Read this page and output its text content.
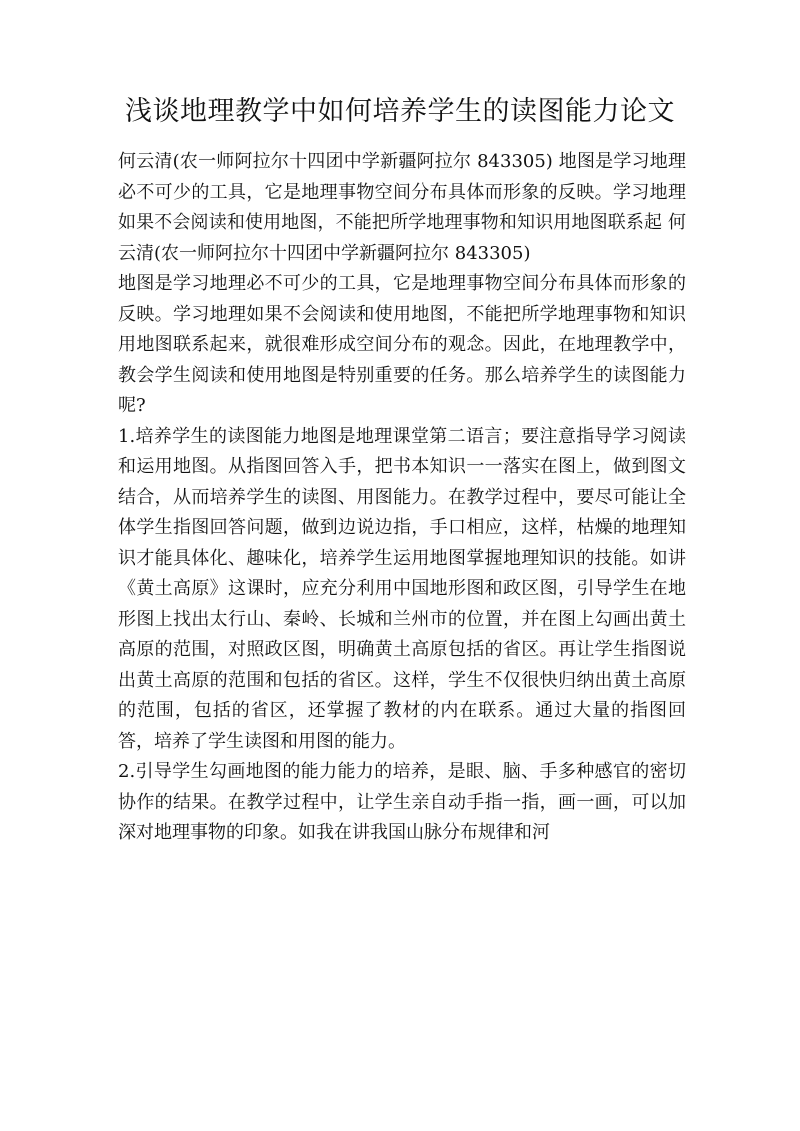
浅谈地理教学中如何培养学生的读图能力论文

何云清(农一师阿拉尔十四团中学新疆阿拉尔 843305) 地图是学习地理必不可少的工具，它是地理事物空间分布具体而形象的反映。学习地理如果不会阅读和使用地图，不能把所学地理事物和知识用地图联系起 何云清(农一师阿拉尔十四团中学新疆阿拉尔 843305)

地图是学习地理必不可少的工具，它是地理事物空间分布具体而形象的反映。学习地理如果不会阅读和使用地图，不能把所学地理事物和知识用地图联系起来，就很难形成空间分布的观念。因此，在地理教学中，教会学生阅读和使用地图是特别重要的任务。那么培养学生的读图能力呢?

1.培养学生的读图能力地图是地理课堂第二语言；要注意指导学习阅读和运用地图。从指图回答入手，把书本知识一一落实在图上，做到图文结合，从而培养学生的读图、用图能力。在教学过程中，要尽可能让全体学生指图回答问题，做到边说边指，手口相应，这样，枯燥的地理知识才能具体化、趣味化，培养学生运用地图掌握地理知识的技能。如讲《黄土高原》这课时，应充分利用中国地形图和政区图，引导学生在地形图上找出太行山、秦岭、长城和兰州市的位置，并在图上勾画出黄土高原的范围，对照政区图，明确黄土高原包括的省区。再让学生指图说出黄土高原的范围和包括的省区。这样，学生不仅很快归纳出黄土高原的范围，包括的省区，还掌握了教材的内在联系。通过大量的指图回答，培养了学生读图和用图的能力。

2.引导学生勾画地图的能力能力的培养，是眼、脑、手多种感官的密切协作的结果。在教学过程中，让学生亲自动手指一指，画一画，可以加深对地理事物的印象。如我在讲我国山脉分布规律和河
